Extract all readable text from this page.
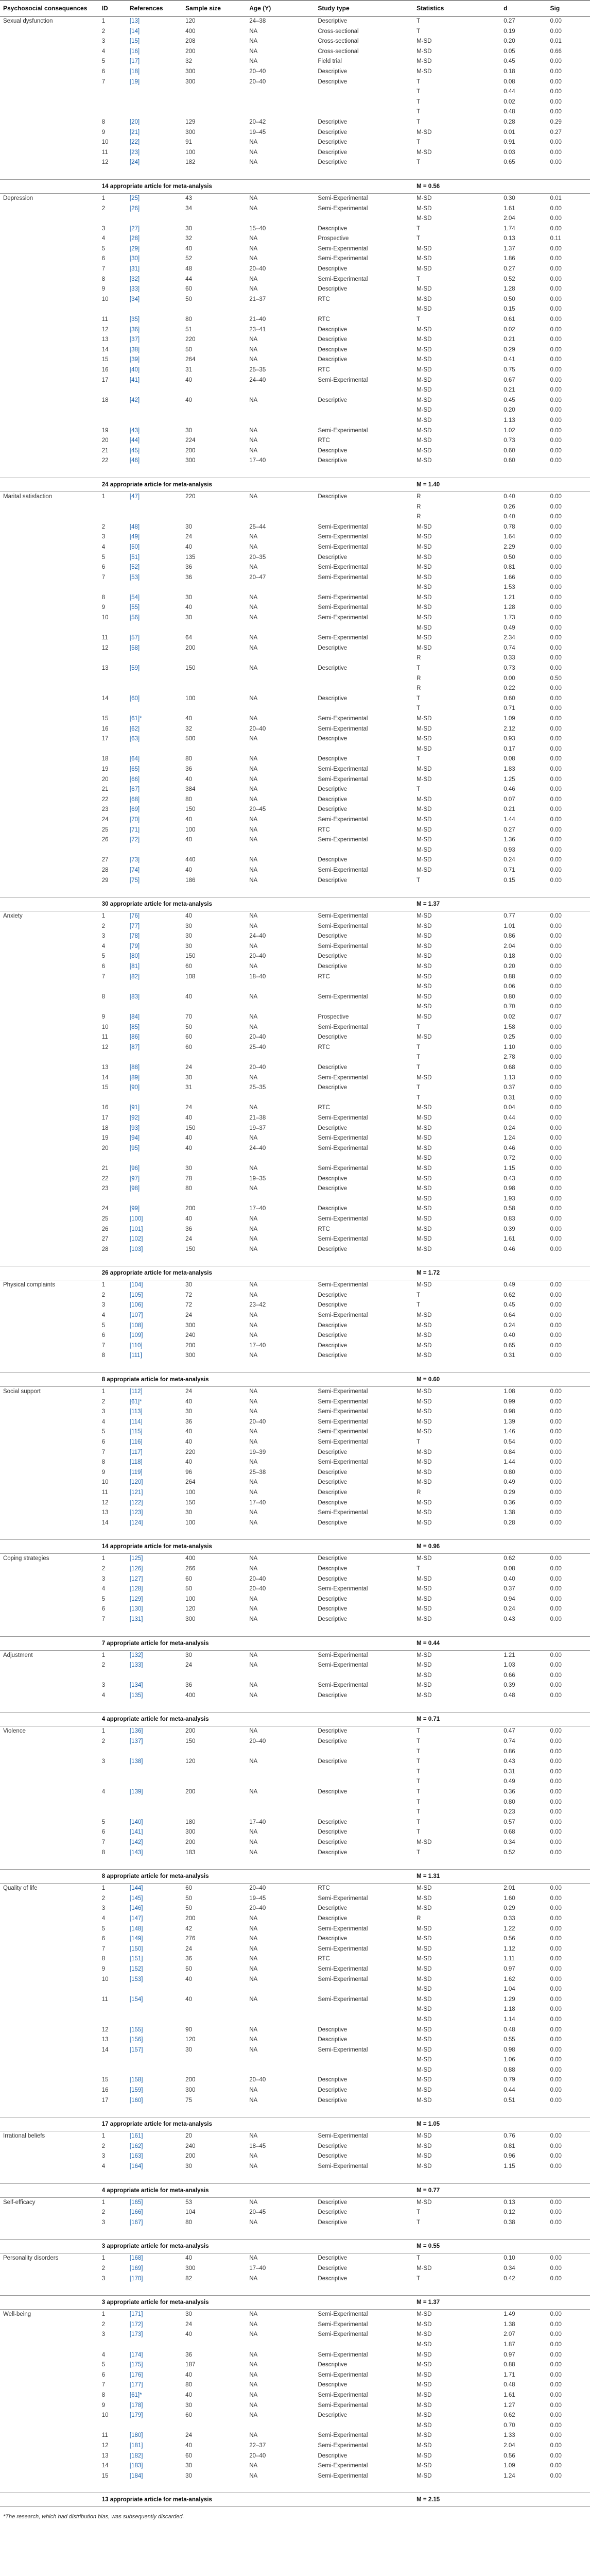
Psychosocial consequences	ID	References	Sample size	Age (Y)	Study type	Statistics	d	Sig
Sexual dysfunction	1	[13]	120	24–38	Descriptive	T	0.27	0.00
	2	[14]	400	NA	Cross-sectional	T	0.19	0.00
	3	[15]	208	NA	Cross-sectional	M-SD	0.20	0.01
	4	[16]	200	NA	Cross-sectional	M-SD	0.05	0.66
	5	[17]	32	NA	Field trial	M-SD	0.45	0.00
	6	[18]	300	20–40	Descriptive	M-SD	0.18	0.00
	7	[19]	300	20–40	Descriptive	T	0.08	0.00
						T	0.44	0.00
						T	0.02	0.00
						T	0.48	0.00
	8	[20]	129	20–42	Descriptive	T	0.28	0.29
	9	[21]	300	19–45	Descriptive	M-SD	0.01	0.27
	10	[22]	91	NA	Descriptive	T	0.91	0.00
	11	[23]	100	NA	Descriptive	M-SD	0.03	0.00
	12	[24]	182	NA	Descriptive	T	0.65	0.00

	14 appropriate article for meta-analysis					M = 0.56		
Depression	1	[25]	43	NA	Semi-Experimental	M-SD	0.30	0.01
	2	[26]	34	NA	Semi-Experimental	M-SD	1.61	0.00
						M-SD	2.04	0.00
	3	[27]	30	15–40	Descriptive	T	1.74	0.00
	4	[28]	32	NA	Prospective	T	0.13	0.11
	5	[29]	40	NA	Semi-Experimental	M-SD	1.37	0.00
	6	[30]	52	NA	Semi-Experimental	M-SD	1.86	0.00
	7	[31]	48	20–40	Descriptive	M-SD	0.27	0.00
	8	[32]	44	NA	Semi-Experimental	T	0.52	0.00
	9	[33]	60	NA	Descriptive	M-SD	1.28	0.00
	10	[34]	50	21–37	RTC	M-SD	0.50	0.00
						M-SD	0.15	0.00
	11	[35]	80	21–40	RTC	T	0.61	0.00
	12	[36]	51	23–41	Descriptive	M-SD	0.02	0.00
	13	[37]	220	NA	Descriptive	M-SD	0.21	0.00
	14	[38]	50	NA	Descriptive	M-SD	0.29	0.00
	15	[39]	264	NA	Descriptive	M-SD	0.41	0.00
	16	[40]	31	25–35	RTC	M-SD	0.75	0.00
	17	[41]	40	24–40	Semi-Experimental	M-SD	0.67	0.00
						M-SD	0.21	0.00
	18	[42]	40	NA	Descriptive	M-SD	0.45	0.00
						M-SD	0.20	0.00
						M-SD	1.13	0.00
	19	[43]	30	NA	Semi-Experimental	M-SD	1.02	0.00
	20	[44]	224	NA	RTC	M-SD	0.73	0.00
	21	[45]	200	NA	Descriptive	M-SD	0.60	0.00
	22	[46]	300	17–40	Descriptive	M-SD	0.60	0.00

	24 appropriate article for meta-analysis					M = 1.40		
Marital satisfaction	1	[47]	220	NA	Descriptive	R	0.40	0.00
						R	0.26	0.00
						R	0.40	0.00
	2	[48]	30	25–44	Semi-Experimental	M-SD	0.78	0.00
	3	[49]	24	NA	Semi-Experimental	M-SD	1.64	0.00
	4	[50]	40	NA	Semi-Experimental	M-SD	2.29	0.00
	5	[51]	135	20–35	Descriptive	M-SD	0.50	0.00
	6	[52]	36	NA	Semi-Experimental	M-SD	0.81	0.00
	7	[53]	36	20–47	Semi-Experimental	M-SD	1.66	0.00
						M-SD	1.53	0.00
	8	[54]	30	NA	Semi-Experimental	M-SD	1.21	0.00
	9	[55]	40	NA	Semi-Experimental	M-SD	1.28	0.00
	10	[56]	30	NA	Semi-Experimental	M-SD	1.73	0.00
						M-SD	0.49	0.00
	11	[57]	64	NA	Semi-Experimental	M-SD	2.34	0.00
	12	[58]	200	NA	Descriptive	M-SD	0.74	0.00
						R	0.33	0.00
	13	[59]	150	NA	Descriptive	T	0.73	0.00
						R	0.00	0.50
						R	0.22	0.00
	14	[60]	100	NA	Descriptive	T	0.60	0.00
						T	0.71	0.00
	15	[61]*	40	NA	Semi-Experimental	M-SD	1.09	0.00
	16	[62]	32	20–40	Semi-Experimental	M-SD	2.12	0.00
	17	[63]	500	NA	Descriptive	M-SD	0.93	0.00
						M-SD	0.17	0.00
	18	[64]	80	NA	Descriptive	T	0.08	0.00
	19	[65]	36	NA	Semi-Experimental	M-SD	1.83	0.00
	20	[66]	40	NA	Semi-Experimental	M-SD	1.25	0.00
	21	[67]	384	NA	Descriptive	T	0.46	0.00
	22	[68]	80	NA	Descriptive	M-SD	0.07	0.00
	23	[69]	150	20–45	Descriptive	M-SD	0.21	0.00
	24	[70]	40	NA	Semi-Experimental	M-SD	1.44	0.00
	25	[71]	100	NA	RTC	M-SD	0.27	0.00
	26	[72]	40	NA	Semi-Experimental	M-SD	1.36	0.00
						M-SD	0.93	0.00
	27	[73]	440	NA	Descriptive	M-SD	0.24	0.00
	28	[74]	40	NA	Semi-Experimental	M-SD	0.71	0.00
	29	[75]	186	NA	Descriptive	T	0.15	0.00

	30 appropriate article for meta-analysis					M = 1.37		
Anxiety	1	[76]	40	NA	Semi-Experimental	M-SD	0.77	0.00
	2	[77]	30	NA	Semi-Experimental	M-SD	1.01	0.00
	3	[78]	30	24–40	Descriptive	M-SD	0.86	0.00
	4	[79]	30	NA	Semi-Experimental	M-SD	2.04	0.00
	5	[80]	150	20–40	Descriptive	M-SD	0.18	0.00
	6	[81]	60	NA	Descriptive	M-SD	0.20	0.00
	7	[82]	108	18–40	RTC	M-SD	0.88	0.00
						M-SD	0.06	0.00
	8	[83]	40	NA	Semi-Experimental	M-SD	0.80	0.00
						M-SD	0.70	0.00
	9	[84]	70	NA	Prospective	M-SD	0.02	0.07
	10	[85]	50	NA	Semi-Experimental	T	1.58	0.00
	11	[86]	60	20–40	Descriptive	M-SD	0.25	0.00
	12	[87]	60	25–40	RTC	T	1.10	0.00
						T	2.78	0.00
	13	[88]	24	20–40	Descriptive	T	0.68	0.00
	14	[89]	30	NA	Semi-Experimental	M-SD	1.13	0.00
	15	[90]	31	25–35	Descriptive	T	0.37	0.00
						T	0.31	0.00
	16	[91]	24	NA	RTC	M-SD	0.04	0.00
	17	[92]	40	21–38	Semi-Experimental	M-SD	0.44	0.00
	18	[93]	150	19–37	Descriptive	M-SD	0.24	0.00
	19	[94]	40	NA	Semi-Experimental	M-SD	1.24	0.00
	20	[95]	40	24–40	Semi-Experimental	M-SD	0.46	0.00
						M-SD	0.72	0.00
	21	[96]	30	NA	Semi-Experimental	M-SD	1.15	0.00
	22	[97]	78	19–35	Descriptive	M-SD	0.43	0.00
	23	[98]	80	NA	Descriptive	M-SD	0.98	0.00
						M-SD	1.93	0.00
	24	[99]	200	17–40	Descriptive	M-SD	0.58	0.00
	25	[100]	40	NA	Semi-Experimental	M-SD	0.83	0.00
	26	[101]	36	NA	RTC	M-SD	0.39	0.00
	27	[102]	24	NA	Semi-Experimental	M-SD	1.61	0.00
	28	[103]	150	NA	Descriptive	M-SD	0.46	0.00

	26 appropriate article for meta-analysis					M = 1.72		
Physical complaints	1	[104]	30	NA	Semi-Experimental	M-SD	0.49	0.00
	2	[105]	72	NA	Descriptive	T	0.62	0.00
	3	[106]	72	23–42	Descriptive	T	0.45	0.00
	4	[107]	24	NA	Semi-Experimental	M-SD	0.64	0.00
	5	[108]	300	NA	Descriptive	M-SD	0.24	0.00
	6	[109]	240	NA	Descriptive	M-SD	0.40	0.00
	7	[110]	200	17–40	Descriptive	M-SD	0.65	0.00
	8	[111]	300	NA	Descriptive	M-SD	0.31	0.00

	8 appropriate article for meta-analysis					M = 0.60		
Social support	1	[112]	24	NA	Semi-Experimental	M-SD	1.08	0.00
	2	[61]*	40	NA	Semi-Experimental	M-SD	0.99	0.00
	3	[113]	30	NA	Semi-Experimental	M-SD	0.98	0.00
	4	[114]	36	20–40	Semi-Experimental	M-SD	1.39	0.00
	5	[115]	40	NA	Semi-Experimental	M-SD	1.46	0.00
	6	[116]	40	NA	Semi-Experimental	T	0.54	0.00
	7	[117]	220	19–39	Descriptive	M-SD	0.84	0.00
	8	[118]	40	NA	Semi-Experimental	M-SD	1.44	0.00
	9	[119]	96	25–38	Descriptive	M-SD	0.80	0.00
	10	[120]	264	NA	Descriptive	M-SD	0.49	0.00
	11	[121]	100	NA	Descriptive	R	0.29	0.00
	12	[122]	150	17–40	Descriptive	M-SD	0.36	0.00
	13	[123]	30	NA	Semi-Experimental	M-SD	1.38	0.00
	14	[124]	100	NA	Descriptive	M-SD	0.28	0.00

	14 appropriate article for meta-analysis					M = 0.96		
Coping strategies	1	[125]	400	NA	Descriptive	M-SD	0.62	0.00
	2	[126]	266	NA	Descriptive	T	0.08	0.00
	3	[127]	60	20–40	Descriptive	M-SD	0.40	0.00
	4	[128]	50	20–40	Semi-Experimental	M-SD	0.37	0.00
	5	[129]	100	NA	Descriptive	M-SD	0.94	0.00
	6	[130]	120	NA	Descriptive	M-SD	0.24	0.00
	7	[131]	300	NA	Descriptive	M-SD	0.43	0.00

	7 appropriate article for meta-analysis					M = 0.44		
Adjustment	1	[132]	30	NA	Semi-Experimental	M-SD	1.21	0.00
	2	[133]	24	NA	Semi-Experimental	M-SD	1.03	0.00
						M-SD	0.66	0.00
	3	[134]	36	NA	Semi-Experimental	M-SD	0.39	0.00
	4	[135]	400	NA	Descriptive	M-SD	0.48	0.00

	4 appropriate article for meta-analysis					M = 0.71		
Violence	1	[136]	200	NA	Descriptive	T	0.47	0.00
	2	[137]	150	20–40	Descriptive	T	0.74	0.00
						T	0.86	0.00
	3	[138]	120	NA	Descriptive	T	0.43	0.00
						T	0.31	0.00
						T	0.49	0.00
	4	[139]	200	NA	Descriptive	T	0.36	0.00
						T	0.80	0.00
						T	0.23	0.00
	5	[140]	180	17–40	Descriptive	T	0.57	0.00
	6	[141]	300	NA	Descriptive	T	0.68	0.00
	7	[142]	200	NA	Descriptive	M-SD	0.34	0.00
	8	[143]	183	NA	Descriptive	T	0.52	0.00

	8 appropriate article for meta-analysis					M = 1.31		
Quality of life	1	[144]	60	20–40	RTC	M-SD	2.01	0.00
	2	[145]	50	19–45	Semi-Experimental	M-SD	1.60	0.00
	3	[146]	50	20–40	Descriptive	M-SD	0.29	0.00
	4	[147]	200	NA	Descriptive	R	0.33	0.00
	5	[148]	42	NA	Semi-Experimental	M-SD	1.22	0.00
	6	[149]	276	NA	Descriptive	M-SD	0.56	0.00
	7	[150]	24	NA	Semi-Experimental	M-SD	1.12	0.00
	8	[151]	36	NA	RTC	M-SD	1.11	0.00
	9	[152]	50	NA	Semi-Experimental	M-SD	0.97	0.00
	10	[153]	40	NA	Semi-Experimental	M-SD	1.62	0.00
						M-SD	1.04	0.00
	11	[154]	40	NA	Semi-Experimental	M-SD	1.29	0.00
						M-SD	1.18	0.00
						M-SD	1.14	0.00
	12	[155]	90	NA	Descriptive	M-SD	0.48	0.00
	13	[156]	120	NA	Descriptive	M-SD	0.55	0.00
	14	[157]	30	NA	Semi-Experimental	M-SD	0.98	0.00
						M-SD	1.06	0.00
						M-SD	0.88	0.00
	15	[158]	200	20–40	Descriptive	M-SD	0.79	0.00
	16	[159]	300	NA	Descriptive	M-SD	0.44	0.00
	17	[160]	75	NA	Descriptive	M-SD	0.51	0.00

	17 appropriate article for meta-analysis					M = 1.05		
Irrational beliefs	1	[161]	20	NA	Semi-Experimental	M-SD	0.76	0.00
	2	[162]	240	18–45	Descriptive	M-SD	0.81	0.00
	3	[163]	200	NA	Descriptive	M-SD	0.96	0.00
	4	[164]	30	NA	Semi-Experimental	M-SD	1.15	0.00

	4 appropriate article for meta-analysis					M = 0.77		
Self-efficacy	1	[165]	53	NA	Descriptive	M-SD	0.13	0.00
	2	[166]	104	20–45	Descriptive	T	0.12	0.00
	3	[167]	80	NA	Descriptive	T	0.38	0.00

	3 appropriate article for meta-analysis					M = 0.55		
Personality disorders	1	[168]	40	NA	Descriptive	T	0.10	0.00
	2	[169]	300	17–40	Descriptive	M-SD	0.34	0.00
	3	[170]	82	NA	Descriptive	T	0.42	0.00

	3 appropriate article for meta-analysis					M = 1.37		
Well-being	1	[171]	30	NA	Semi-Experimental	M-SD	1.49	0.00
	2	[172]	24	NA	Semi-Experimental	M-SD	1.38	0.00
	3	[173]	40	NA	Semi-Experimental	M-SD	2.07	0.00
						M-SD	1.87	0.00
	4	[174]	36	NA	Semi-Experimental	M-SD	0.97	0.00
	5	[175]	187	NA	Descriptive	M-SD	0.88	0.00
	6	[176]	40	NA	Semi-Experimental	M-SD	1.71	0.00
	7	[177]	80	NA	Descriptive	M-SD	0.48	0.00
	8	[61]*	40	NA	Semi-Experimental	M-SD	1.61	0.00
	9	[178]	30	NA	Semi-Experimental	M-SD	1.27	0.00
	10	[179]	60	NA	Descriptive	M-SD	0.62	0.00
						M-SD	0.70	0.00
	11	[180]	24	NA	Semi-Experimental	M-SD	1.33	0.00
	12	[181]	40	22–37	Semi-Experimental	M-SD	2.04	0.00
	13	[182]	60	20–40	Descriptive	M-SD	0.56	0.00
	14	[183]	30	NA	Semi-Experimental	M-SD	1.09	0.00
	15	[184]	30	NA	Semi-Experimental	M-SD	1.24	0.00

	13 appropriate article for meta-analysis					M = 2.15		
*The research, which had distribution bias, was subsequently discarded.								
